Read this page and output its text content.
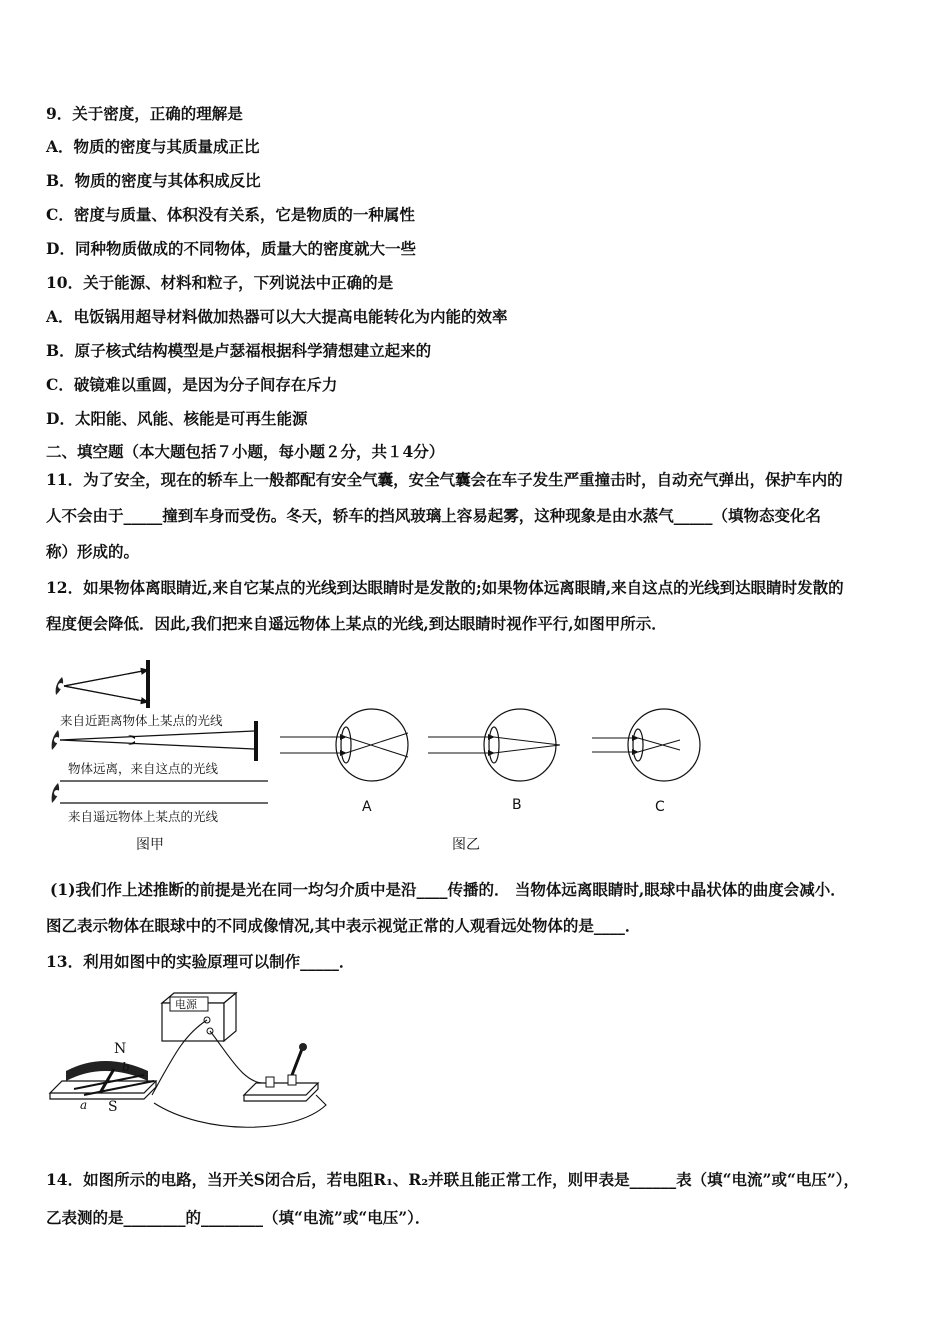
9．关于密度，正确的理解是
A．物质的密度与其质量成正比
B．物质的密度与其体积成反比
C．密度与质量、体积没有关系，它是物质的一种属性
D．同种物质做成的不同物体，质量大的密度就大一些
10．关于能源、材料和粒子，下列说法中正确的是
A．电饭锅用超导材料做加热器可以大大提高电能转化为内能的效率
B．原子核式结构模型是卢瑟福根据科学猜想建立起来的
C．破镜难以重圆，是因为分子间存在斥力
D．太阳能、风能、核能是可再生能源
二、填空题（本大题包括７小题，每小题２分，共１4分）
11．为了安全，现在的轿车上一般都配有安全气囊，安全气囊会在车子发生严重撞击时，自动充气弹出，保护车内的
人不会由于_____撞到车身而受伤。冬天，轿车的挡风玻璃上容易起雾，这种现象是由水蒸气_____（填物态变化名
称）形成的。
12．如果物体离眼睛近,来自它某点的光线到达眼睛时是发散的;如果物体远离眼睛,来自这点的光线到达眼睛时发散的
程度便会降低．因此,我们把来自遥远物体上某点的光线,到达眼睛时视作平行,如图甲所示．
来自近距离物体上某点的光线
物体远离，来自这点的光线
来自遥远物体上某点的光线
图甲
A	B	C
图乙
(1)我们作上述推断的前提是光在同一均匀介质中是沿____传播的． 当物体远离眼睛时,眼球中晶状体的曲度会减小．
图乙表示物体在眼球中的不同成像情况,其中表示视觉正常的人观看远处物体的是____．
13．利用如图中的实验原理可以制作_____．
电源
N
b
a S
14．如图所示的电路，当开关S闭合后，若电阻R₁、R₂并联且能正常工作，则甲表是______表（填“电流”或“电压”），
乙表测的是________的________（填“电流”或“电压”）．
